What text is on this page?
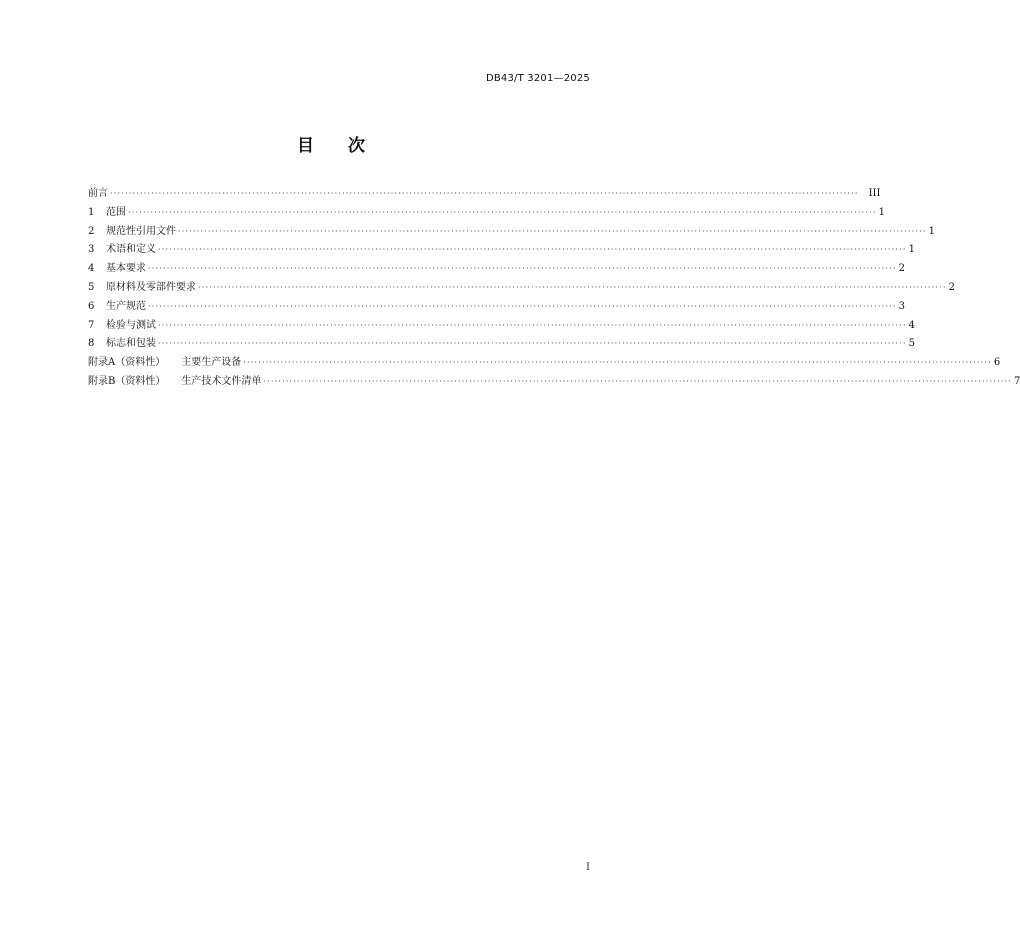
DB43/T 3201—2025
目　　次
前言 ········································································································································································································	III
1	范围 ········································································································································································································ 1
2	规范性引用文件 ········································································································································································································ 1
3	术语和定义 ········································································································································································································ 1
4	基本要求 ········································································································································································································ 2
5	原材料及零部件要求 ········································································································································································································ 2
6	生产规范 ········································································································································································································ 3
7	检验与测试 ········································································································································································································ 4
8	标志和包装 ········································································································································································································ 5
附录A（资料性） 主要生产设备 ········································································································································································································ 6
附录B（资料性） 生产技术文件清单 ········································································································································································································ 7
I
